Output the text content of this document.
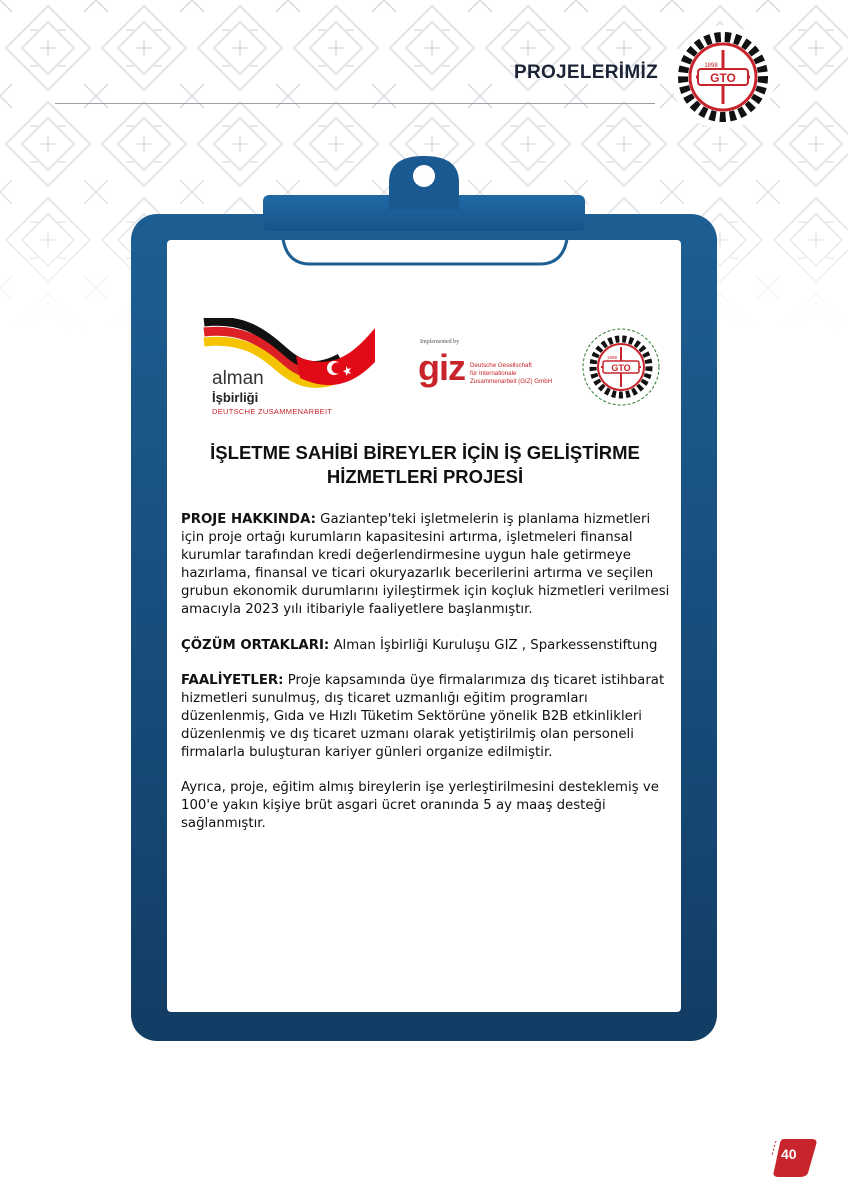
PROJELERİMİZ	GTO
1898
alman
İşbirliği
DEUTSCHE ZUSAMMENARBEIT
Implemented by
giz Deutsche Gesellschaft
für Internationale
Zusammenarbeit (GIZ) GmbH
GTO
1898
İŞLETME SAHİBİ BİREYLER İÇİN İŞ GELİŞTİRME
HİZMETLERİ PROJESİ

PROJE HAKKINDA: Gaziantep'teki işletmelerin iş planlama hizmetleri için proje ortağı kurumların kapasitesini artırma, işletmeleri finansal kurumlar tarafından kredi değerlendirmesine uygun hale getirmeye hazırlama, finansal ve ticari okuryazarlık becerilerini artırma ve seçilen grubun ekonomik durumlarını iyileştirmek için koçluk hizmetleri verilmesi amacıyla 2023 yılı itibariyle faaliyetlere başlanmıştır.

ÇÖZÜM ORTAKLARI: Alman İşbirliği Kuruluşu GIZ , Sparkessenstiftung

FAALİYETLER: Proje kapsamında üye firmalarımıza dış ticaret istihbarat hizmetleri sunulmuş, dış ticaret uzmanlığı eğitim programları düzenlenmiş, Gıda ve Hızlı Tüketim Sektörüne yönelik B2B etkinlikleri düzenlenmiş ve dış ticaret uzmanı olarak yetiştirilmiş olan personeli firmalarla buluşturan kariyer günleri organize edilmiştir.

Ayrıca, proje, eğitim almış bireylerin işe yerleştirilmesini desteklemiş ve 100'e yakın kişiye brüt asgari ücret oranında 5 ay maaş desteği sağlanmıştır.

40
